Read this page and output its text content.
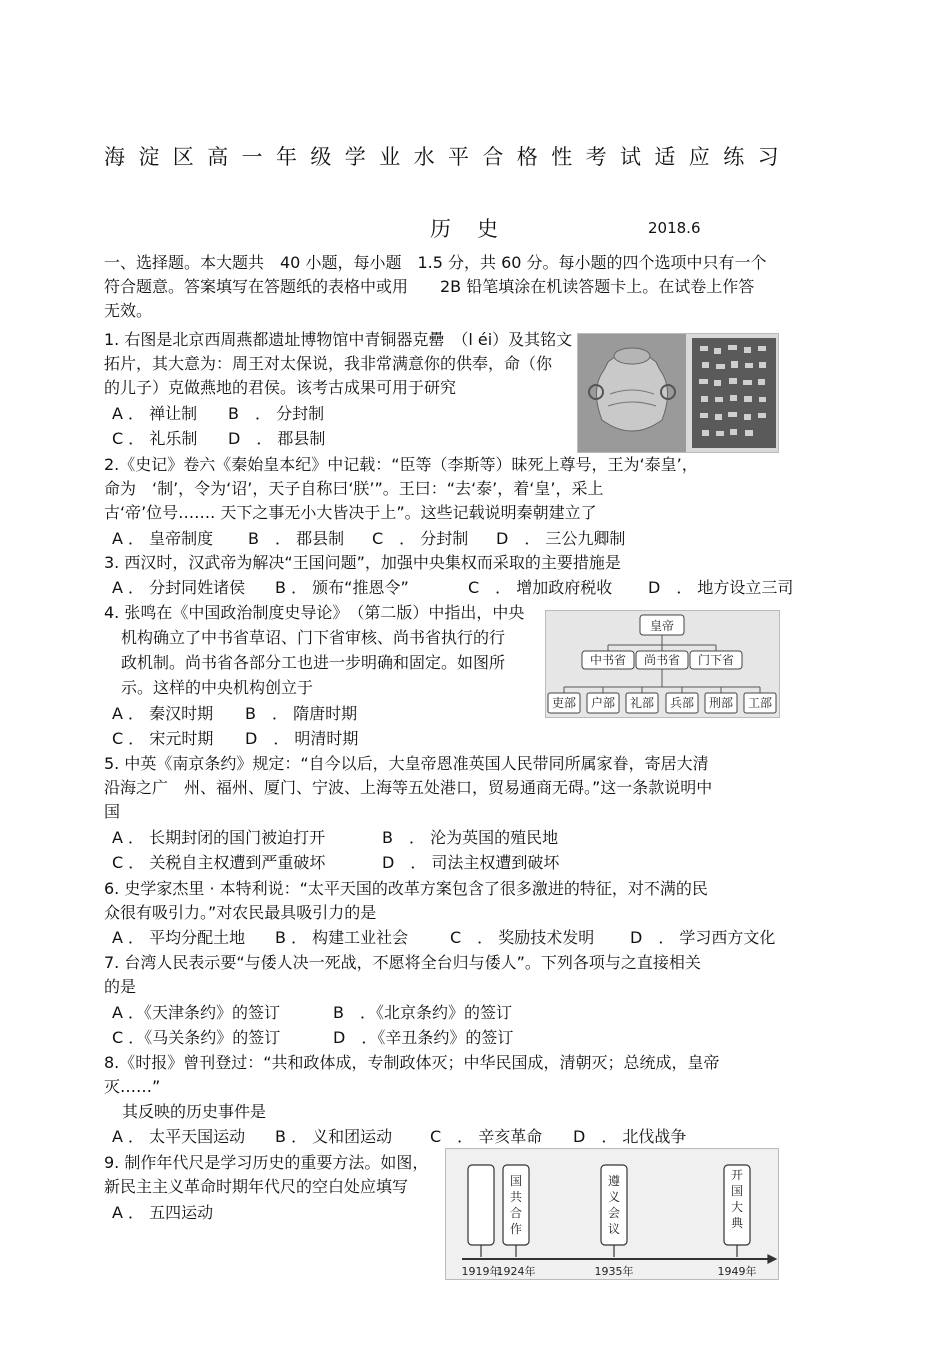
海淀区高一年级学业水平合格性考试适应练习
历史	2018.6
一、选择题。本大题共　40 小题，每小题　1.5 分，共 60 分。每小题的四个选项中只有一个
符合题意。答案填写在答题纸的表格中或用　　2B 铅笔填涂在机读答题卡上。在试卷上作答
无效。
1. 右图是北京西周燕都遗址博物馆中青铜器克罍　（l éi）及其铭文
拓片，其大意为：周王对太保说，我非常满意你的供奉，命（你
的儿子）克做燕地的君侯。该考古成果可用于研究
A ． 禅让制 B　． 分封制
C ． 礼乐制 D　． 郡县制
2.《史记》卷六《秦始皇本纪》中记载：“臣等（李斯等）昧死上尊号，王为‘泰皇’，
命为　‘制’，令为‘诏’，天子自称曰‘朕’”。王曰：“去‘泰’，着‘皇’，采上
古‘帝’位号……. 天下之事无小大皆决于上”。这些记载说明秦朝建立了
A ． 皇帝制度 B　． 郡县制 C　． 分封制 D　． 三公九卿制
3. 西汉时，汉武帝为解决“王国问题”，加强中央集权而采取的主要措施是
A ． 分封同姓诸侯 B ． 颁布“推恩令”	C　． 增加政府税收 D　． 地方设立三司
4. 张鸣在《中国政治制度史导论》　（第二版）中指出，中央
机构确立了中书省草诏、门下省审核、尚书省执行的行
政机制。尚书省各部分工也进一步明确和固定。如图所
示。这样的中央机构创立于
A ． 秦汉时期 B　． 隋唐时期
C ． 宋元时期 D　． 明清时期
皇帝
中书省 尚书省 门下省
吏部 户部 礼部 兵部 刑部 工部
5. 中英《南京条约》规定：“自今以后，大皇帝恩准英国人民带同所属家眷，寄居大清
沿海之广　州、福州、厦门、宁波、上海等五处港口，贸易通商无碍。”这一条款说明中
国
A ． 长期封闭的国门被迫打开	B　． 沦为英国的殖民地
C ． 关税自主权遭到严重破坏	D　． 司法主权遭到破坏
6. 史学家杰里 · 本特利说：“太平天国的改革方案包含了很多激进的特征，对不满的民
众很有吸引力。”对农民最具吸引力的是
A ． 平均分配土地 B ． 构建工业社会	C　． 奖励技术发明 D　． 学习西方文化
7. 台湾人民表示要“与倭人决一死战，不愿将全台归与倭人”。下列各项与之直接相关
的是
A ．《天津条约》的签订	B　．《北京条约》的签订
C ．《马关条约》的签订	D　．《辛丑条约》的签订
8.《时报》曾刊登过：“共和政体成，专制政体灭；中华民国成，清朝灭；总统成，皇帝
灭……”
其反映的历史事件是
A ． 太平天国运动 B ． 义和团运动 C　． 辛亥革命 D　． 北伐战争
9. 制作年代尺是学习历史的重要方法。如图，
新民主主义革命时期年代尺的空白处应填写
A ． 五四运动
国
共
合
作
遵
义
会
议
开
国
大
典
1919年
1924年	1935年	1949年
